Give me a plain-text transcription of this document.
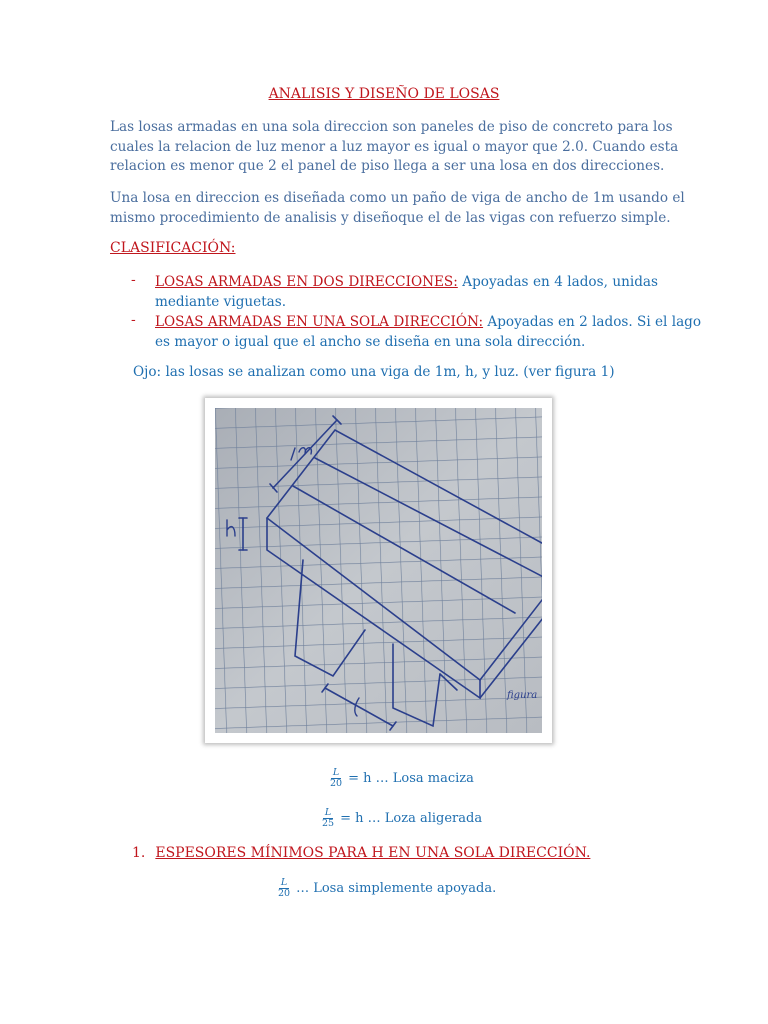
ANALISIS Y DISEÑO DE LOSAS
Las losas armadas en una sola direccion son paneles de piso de concreto para los
cuales la relacion de luz menor a luz mayor es igual o mayor que 2.0. Cuando esta
relacion es menor que 2 el panel de piso llega a ser una losa en dos direcciones.
Una losa en direccion es diseñada como un paño de viga de ancho de 1m usando el
mismo procedimiento de analisis y diseñoque el de las vigas con refuerzo simple.
CLASIFICACIÓN:
- LOSAS ARMADAS EN DOS DIRECCIONES: Apoyadas en 4 lados, unidas
mediante viguetas.
- LOSAS ARMADAS EN UNA SOLA DIRECCIÓN: Apoyadas en 2 lados. Si el lago
es mayor o igual que el ancho se diseña en una sola dirección.
Ojo: las losas se analizan como una viga de 1m, h, y luz. (ver figura 1)
figura
$\frac{L}{20} = h$ … Losa maciza
$\frac{L}{25} = h$ … Loza aligerada
1. ESPESORES MÍNIMOS PARA H EN UNA SOLA DIRECCIÓN.
$\frac{L}{20}$ … Losa simplemente apoyada.
